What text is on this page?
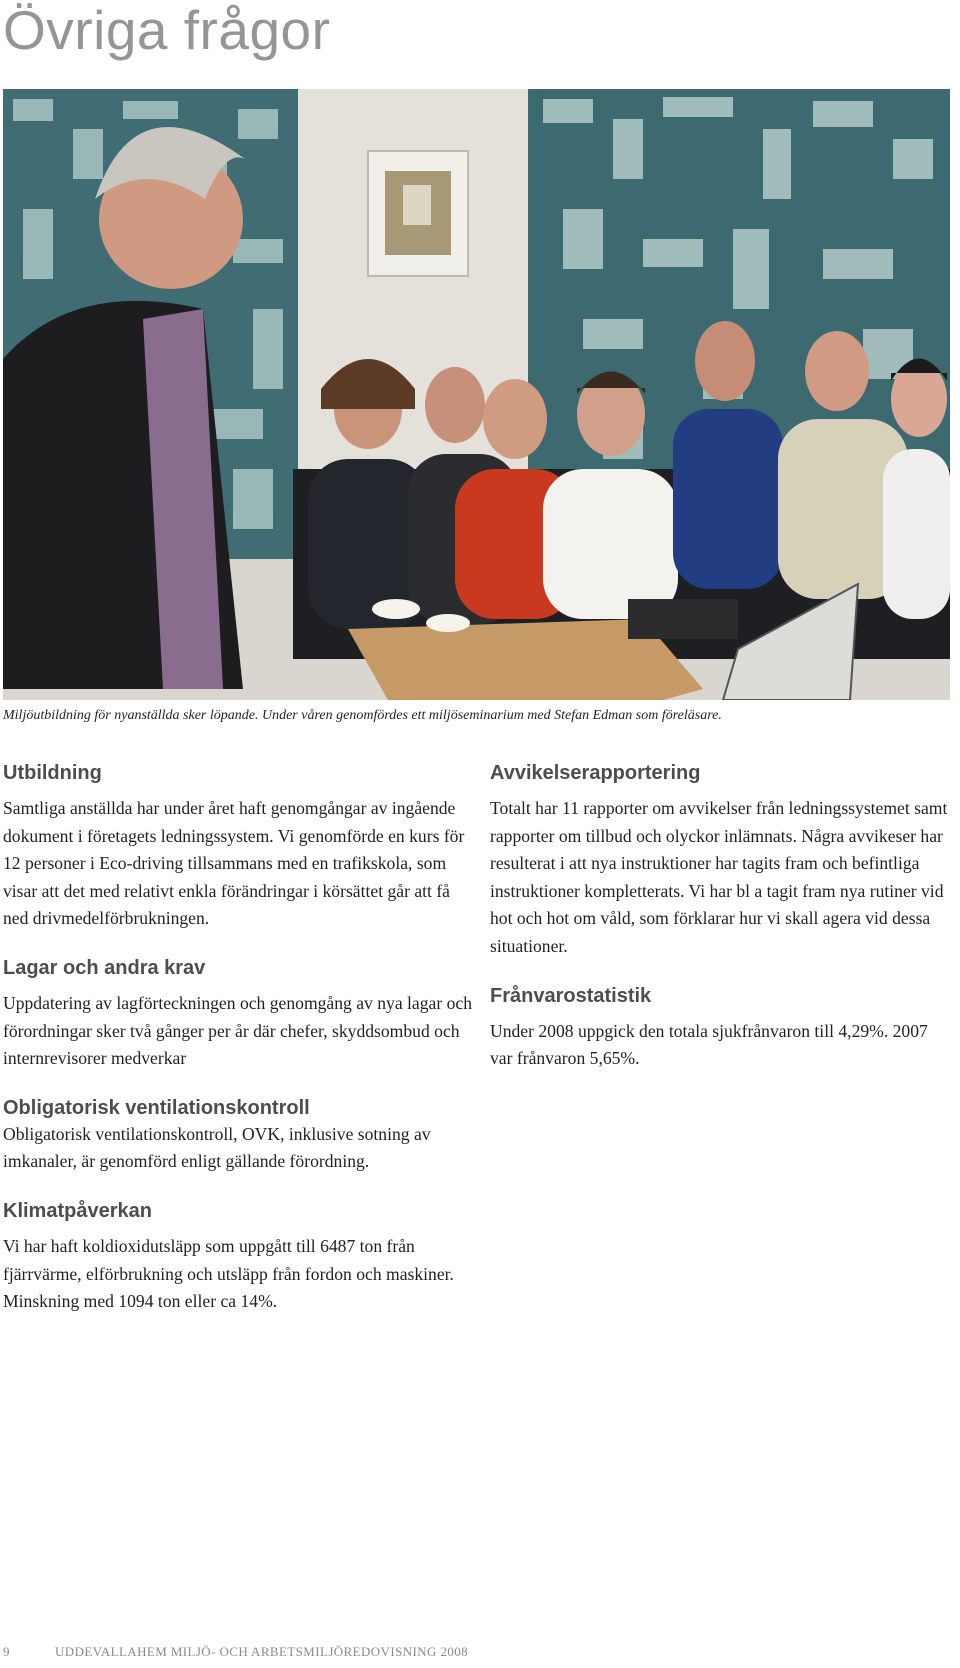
Övriga frågor

Miljöutbildning för nyanställda sker löpande. Under våren genomfördes ett miljöseminarium med Stefan Edman som föreläsare.

Utbildning

Samtliga anställda har under året haft genomgångar av ingående dokument i företagets ledningssystem. Vi genomförde en kurs för 12 personer i Eco-driving tillsammans med en trafikskola, som visar att det med relativt enkla förändringar i körsättet går att få ned drivmedelförbrukningen.

Lagar och andra krav

Uppdatering av lagförteckningen och genomgång av nya lagar och förordningar sker två gånger per år där chefer, skyddsombud och internrevisorer medverkar

Obligatorisk ventilationskontroll

Obligatorisk ventilationskontroll, OVK, inklusive sotning av imkanaler, är genomförd enligt gällande förordning.

Klimatpåverkan

Vi har haft koldioxidutsläpp som uppgått till 6487 ton från fjärrvärme, elförbrukning och utsläpp från fordon och maskiner. Minskning med 1094 ton eller ca 14%.

Avvikelserapportering

Totalt har 11 rapporter om avvikelser från ledningssystemet samt rapporter om tillbud och olyckor inlämnats. Några avvikeser har resulterat i att nya instruktioner har tagits fram och befintliga instruktioner kompletterats. Vi har bl a tagit fram nya rutiner vid hot och hot om våld, som förklarar hur vi skall agera vid dessa situationer.

Frånvarostatistik

Under 2008 uppgick den totala sjukfrånvaron till 4,29%. 2007 var frånvaron 5,65%.

9	UDDEVALLAHEM MILJÖ- OCH ARBETSMILJÖREDOVISNING 2008
